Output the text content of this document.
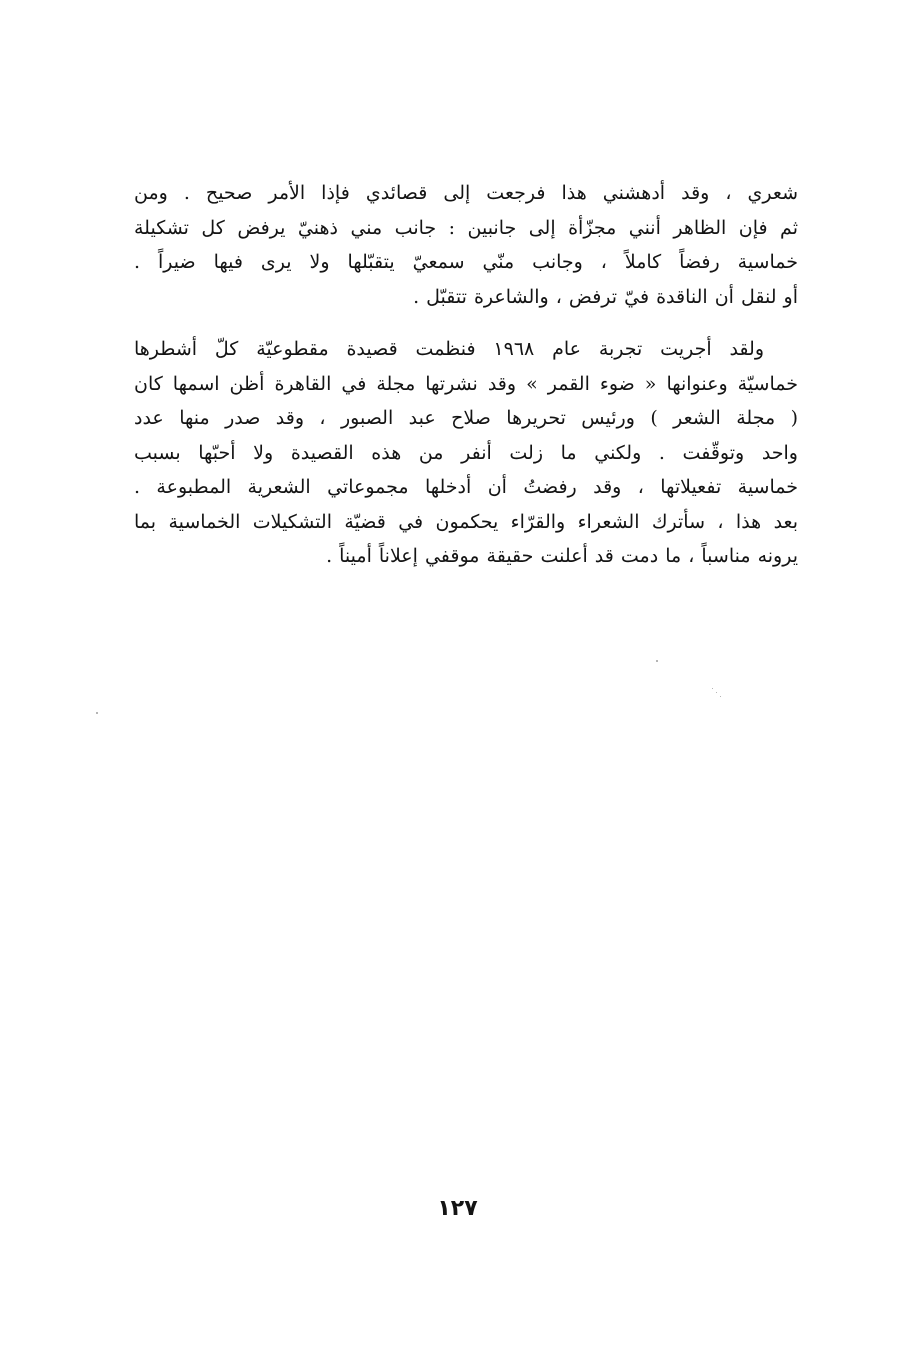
شعري ، وقد أدهشني هذا فرجعت إلى قصائدي فإذا الأمر صحيح . ومن
ثم فإن الظاهر أنني مجزّأة إلى جانبين : جانب مني ذهنيّ يرفض كل تشكيلة
خماسية رفضاً كاملاً ، وجانب منّي سمعيّ يتقبّلها ولا يرى فيها ضيراً .
أو لنقل أن الناقدة فيّ ترفض ، والشاعرة تتقبّل .
ولقد أجريت تجربة عام ١٩٦٨ فنظمت قصيدة مقطوعيّة كلّ أشطرها
خماسيّة وعنوانها « ضوء القمر » وقد نشرتها مجلة في القاهرة أظن اسمها كان
( مجلة الشعر ) ورئيس تحريرها صلاح عبد الصبور ، وقد صدر منها عدد
واحد وتوقّفت . ولكني ما زلت أنفر من هذه القصيدة ولا أحبّها بسبب
خماسية تفعيلاتها ، وقد رفضتُ أن أدخلها مجموعاتي الشعرية المطبوعة .
بعد هذا ، سأترك الشعراء والقرّاء يحكمون في قضيّة التشكيلات الخماسية بما
يرونه مناسباً ، ما دمت قد أعلنت حقيقة موقفي إعلاناً أميناً .
١٢٧
